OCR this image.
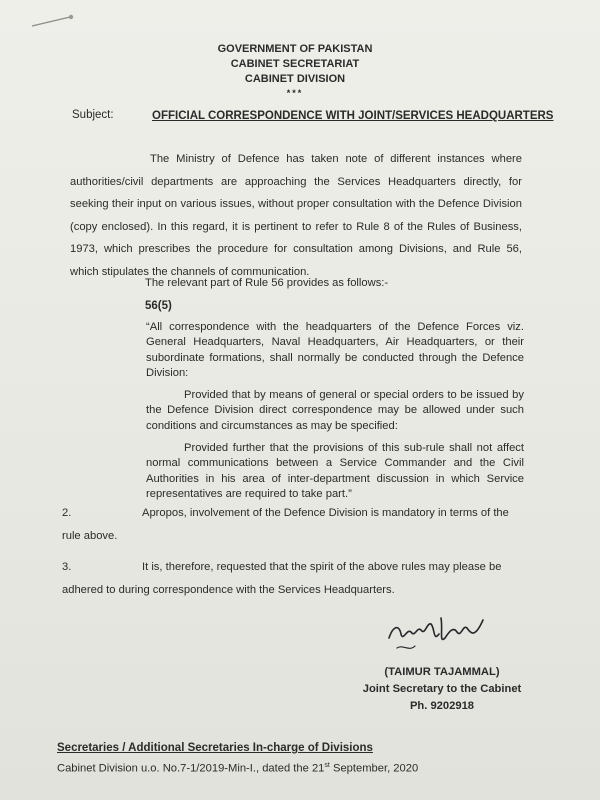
GOVERNMENT OF PAKISTAN
CABINET SECRETARIAT
CABINET DIVISION
***
Subject:	OFFICIAL CORRESPONDENCE WITH JOINT/SERVICES HEADQUARTERS
The Ministry of Defence has taken note of different instances where authorities/civil departments are approaching the Services Headquarters directly, for seeking their input on various issues, without proper consultation with the Defence Division (copy enclosed). In this regard, it is pertinent to refer to Rule 8 of the Rules of Business, 1973, which prescribes the procedure for consultation among Divisions, and Rule 56, which stipulates the channels of communication.
The relevant part of Rule 56 provides as follows:-
56(5)

“All correspondence with the headquarters of the Defence Forces viz. General Headquarters, Naval Headquarters, Air Headquarters, or their subordinate formations, shall normally be conducted through the Defence Division:

Provided that by means of general or special orders to be issued by the Defence Division direct correspondence may be allowed under such conditions and circumstances as may be specified:

Provided further that the provisions of this sub-rule shall not affect normal communications between a Service Commander and the Civil Authorities in his area of inter-department discussion in which Service representatives are required to take part.”

2.	Apropos, involvement of the Defence Division is mandatory in terms of the
rule above.
3.	It is, therefore, requested that the spirit of the above rules may please be
adhered to during correspondence with the Services Headquarters.
(TAIMUR TAJAMMAL)
Joint Secretary to the Cabinet
Ph. 9202918
Secretaries / Additional Secretaries In-charge of Divisions
Cabinet Division u.o. No.7-1/2019-Min-I., dated the 21st September, 2020
